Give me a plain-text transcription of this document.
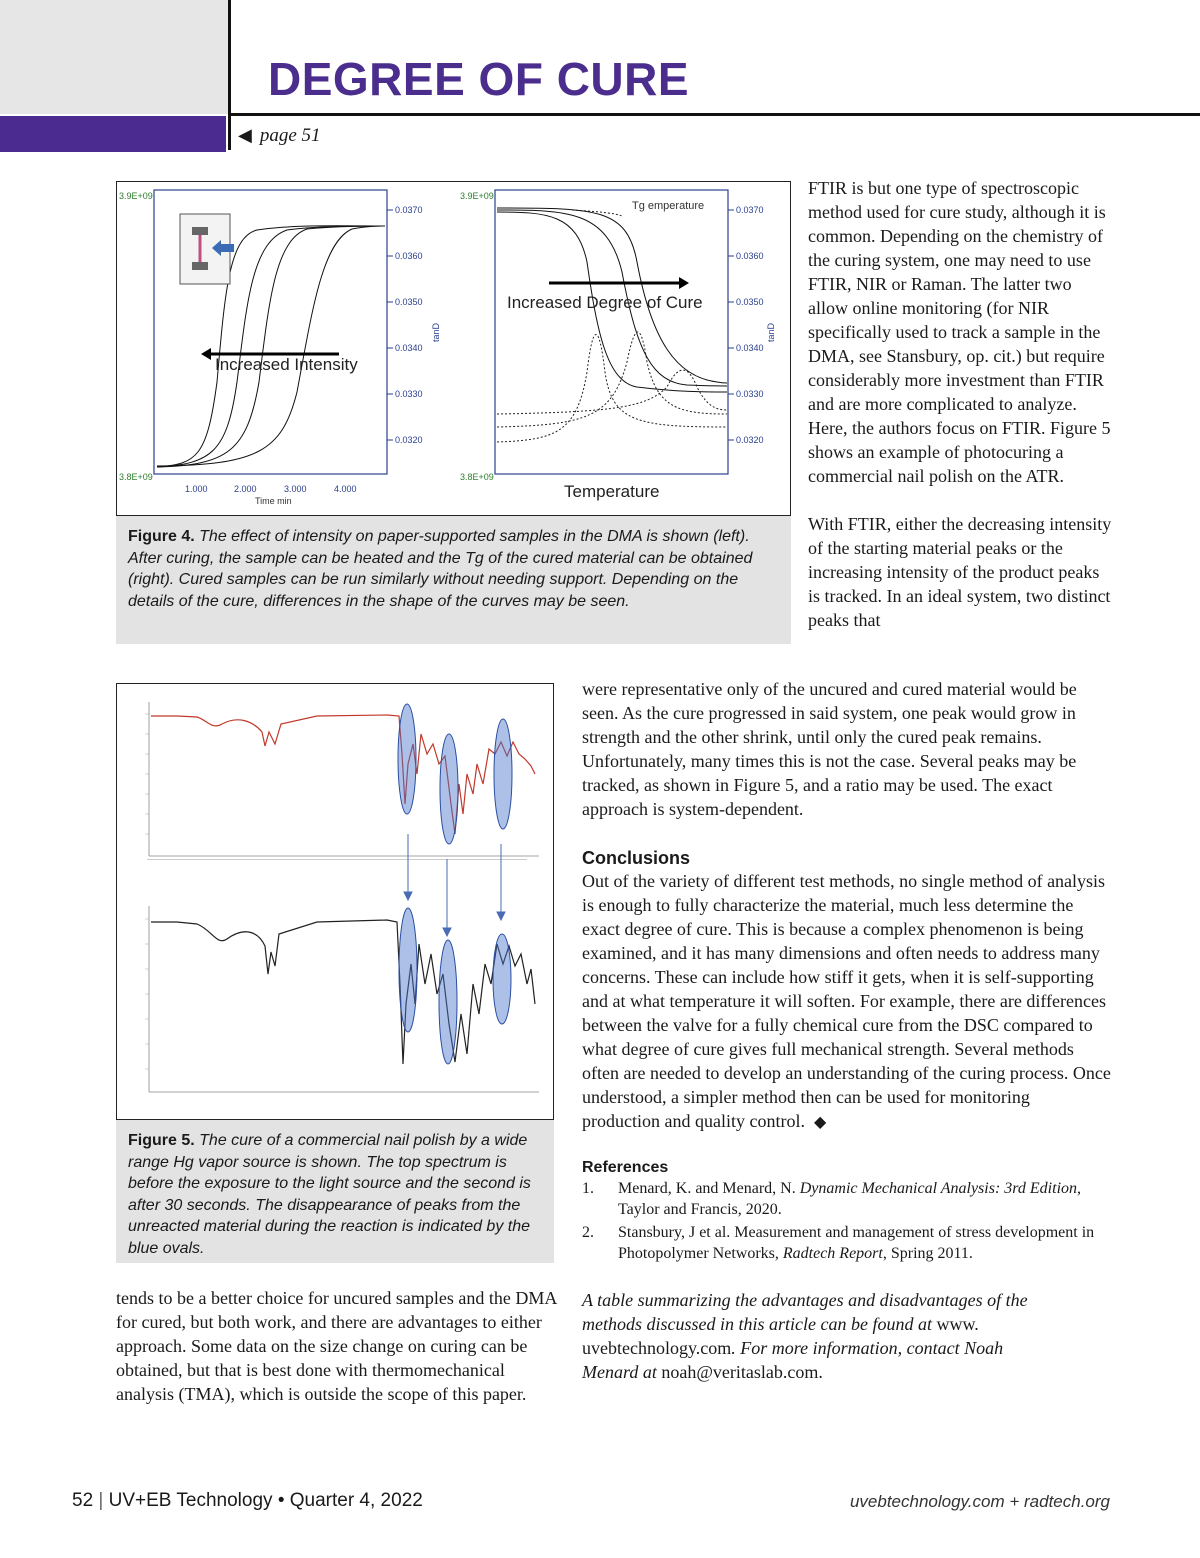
DEGREE OF CURE
◀ page 51
3.9E+09
3.8E+09
1.000	2.000	3.000	4.000
Time min
0.0370
0.0360
0.0350
0.0340
0.0330
0.0320
tanD
Increased Intensity
3.9E+09
3.8E+09
0.0370
0.0360
0.0350
0.0340
0.0330
0.0320
tanD
Tg emperature
Increased Degree of Cure
Temperature
Figure 4. The effect of intensity on paper-supported samples in the DMA is shown (left). After curing, the sample can be heated and the Tg of the cured material can be obtained (right). Cured samples can be run similarly without needing support. Depending on the details of the cure, differences in the shape of the curves may be seen.

FTIR is but one type of spectroscopic method used for cure study, although it is common. Depending on the chemistry of the curing system, one may need to use FTIR, NIR or Raman. The latter two allow online monitoring (for NIR specifically used to track a sample in the DMA, see Stansbury, op. cit.) but require considerably more investment than FTIR and are more complicated to analyze. Here, the authors focus on FTIR. Figure 5 shows an example of photocuring a commercial nail polish on the ATR.

With FTIR, either the decreasing intensity of the starting material peaks or the increasing intensity of the product peaks is tracked. In an ideal system, two distinct peaks that

Figure 5. The cure of a commercial nail polish by a wide range Hg vapor source is shown. The top spectrum is before the exposure to the light source and the second is after 30 seconds. The disappearance of peaks from the unreacted material during the reaction is indicated by the blue ovals.

were representative only of the uncured and cured material would be seen. As the cure progressed in said system, one peak would grow in strength and the other shrink, until only the cured peak remains. Unfortunately, many times this is not the case. Several peaks may be tracked, as shown in Figure 5, and a ratio may be used. The exact approach is system-dependent.

Conclusions

Out of the variety of different test methods, no single method of analysis is enough to fully characterize the material, much less determine the exact degree of cure. This is because a complex phenomenon is being examined, and it has many dimensions and often needs to address many concerns. These can include how stiff it gets, when it is self-supporting and at what temperature it will soften. For example, there are differences between the valve for a fully chemical cure from the DSC compared to what degree of cure gives full mechanical strength. Several methods often are needed to develop an understanding of the curing process. Once understood, a simpler method then can be used for monitoring production and quality control. ◆

References
1. Menard, K. and Menard, N. Dynamic Mechanical Analysis: 3rd Edition, Taylor and Francis, 2020.
2. Stansbury, J et al. Measurement and management of stress development in Photopolymer Networks, Radtech Report, Spring 2011.

A table summarizing the advantages and disadvantages of the methods discussed in this article can be found at www. uvebtechnology.com. For more information, contact Noah Menard at noah@veritaslab.com.

tends to be a better choice for uncured samples and the DMA for cured, but both work, and there are advantages to either approach. Some data on the size change on curing can be obtained, but that is best done with thermomechanical analysis (TMA), which is outside the scope of this paper.

52 | UV+EB Technology • Quarter 4, 2022	uvebtechnology.com + radtech.org
